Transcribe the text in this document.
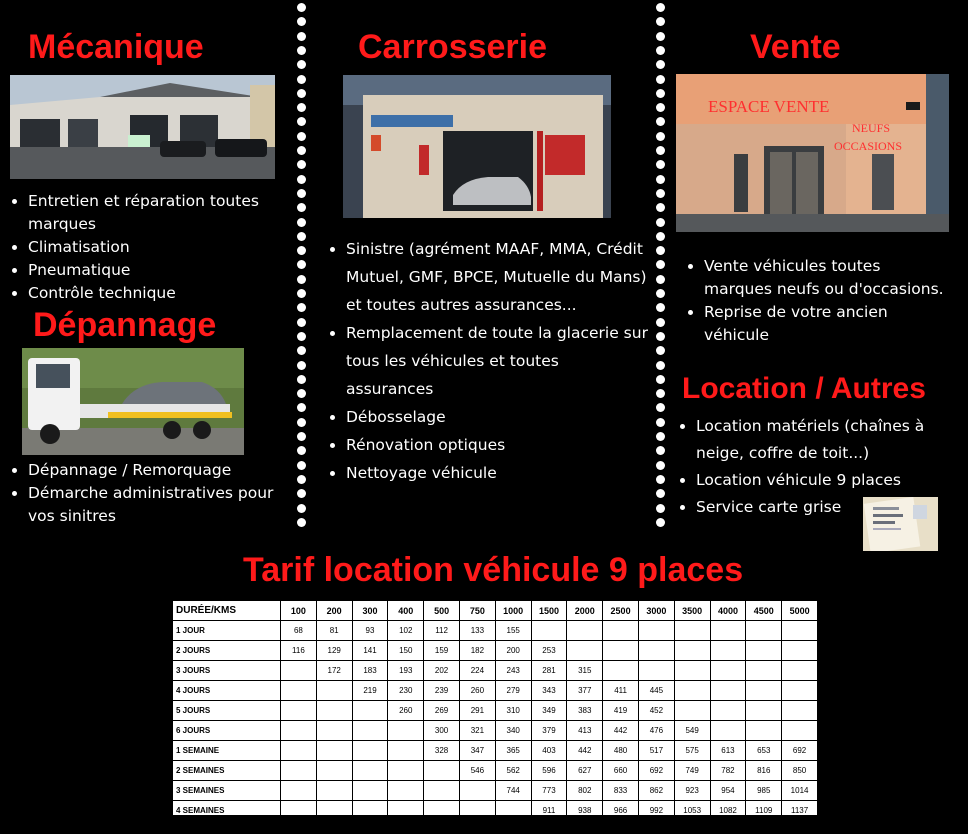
Mécanique	Carrosserie	Vente
Dépannage
Location / Autres
Tarif location véhicule 9 places
ESPACE VENTE
NEUFS
OCCASIONS
Entretien et réparation toutes marques
Climatisation
Pneumatique
Contrôle technique
Dépannage / Remorquage
Démarche administratives pour vos sinitres
Sinistre (agrément MAAF, MMA, Crédit Mutuel, GMF, BPCE, Mutuelle du Mans) et toutes autres assurances...
Remplacement de toute la glacerie sur tous les véhicules et toutes assurances
Débosselage
Rénovation optiques
Nettoyage véhicule
Vente véhicules toutes marques neufs ou d'occasions.
Reprise de votre ancien véhicule
Location matériels (chaînes à neige, coffre de toit...)
Location véhicule 9 places
Service carte grise
DURÉE/KMS	100	200	300	400	500	750	1000	1500	2000	2500	3000	3500	4000	4500	5000
1 JOUR	68	81	93	102	112	133	155								
2 JOURS	116	129	141	150	159	182	200	253							
3 JOURS		172	183	193	202	224	243	281	315						
4 JOURS			219	230	239	260	279	343	377	411	445				
5 JOURS				260	269	291	310	349	383	419	452				
6 JOURS					300	321	340	379	413	442	476	549			
1 SEMAINE					328	347	365	403	442	480	517	575	613	653	692
2 SEMAINES						546	562	596	627	660	692	749	782	816	850
3 SEMAINES							744	773	802	833	862	923	954	985	1014
4 SEMAINES								911	938	966	992	1053	1082	1109	1137
